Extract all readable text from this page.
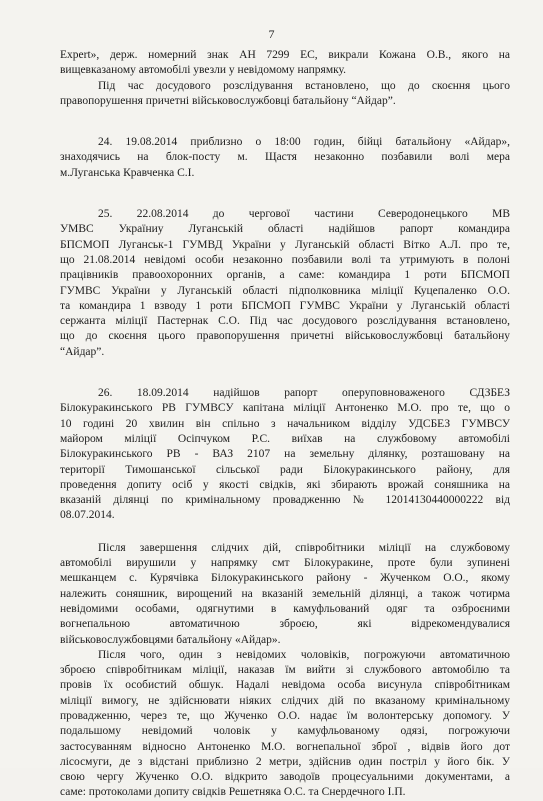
7

Expert», держ. номерний знак АН 7299 ЕС, викрали Кожана О.В., якого на
вищевказаному автомобілі увезли у невідомому напрямку.

Під час досудового розслідування встановлено, що до скоєння цього
правопорушення причетні військовослужбовці батальйону “Айдар”.

24. 19.08.2014 приблизно о 18:00 годин, бійці батальйону «Айдар»,
знаходячись на блок-посту м. Щастя незаконно позбавили волі мера
м.Луганська Кравченка С.І.

25. 22.08.2014 до чергової частини Северодонецького МВ
УМВС Україниу Луганській області надійшов рапорт командира
БПСМОП Луганськ-1 ГУМВД України у Луганській області Вітко А.Л. про те,
що 21.08.2014 невідомі особи незаконно позбавили волі та утримують в полоні
працівників правоохоронних органів, а саме: командира 1 роти БПСМОП
ГУМВС України у Луганській області підполковника міліції Куцепаленко О.О.
та командира 1 взводу 1 роти БПСМОП ГУМВС України у Луганській області
сержанта міліції Пастернак С.О. Під час досудового розслідування встановлено,
що до скоєння цього правопорушення причетні військовослужбовці батальйону
“Айдар”.

26. 18.09.2014 надійшов рапорт оперуповноваженого СДЗБЕЗ
Білокуракинського РВ ГУМВСУ капітана міліції Антоненко М.О. про те, що о
10 годині 20 хвилин він спільно з начальником відділу УДСБЕЗ ГУМВСУ
майором міліції Осіпчуком Р.С. виїхав на службовому автомобілі
Білокуракинського РВ - ВАЗ 2107 на земельну ділянку, розташовану на
території Тимошанської сільської ради Білокуракинського району, для
проведення допиту осіб у якості свідків, які збирають врожай соняшника на
вказаній ділянці по кримінальному провадженню № 12014130440000222 від
08.07.2014.

Після завершення слідчих дій, співробітники міліції на службовому
автомобілі вирушили у напрямку смт Білокуракине, проте були зупинені
мешканцем с. Курячівка Білокуракинського району - Жученком О.О., якому
належить соняшник, вирощений на вказаній земельній ділянці, а також чотирма
невідомими особами, одягнутими в камуфльований одяг та озброєними
вогнепальною автоматичною зброєю, які відрекомендувалися
військовослужбовцями батальйону «Айдар».

Після чого, один з невідомих чоловіків, погрожуючи автоматичною
зброєю співробітникам міліції, наказав їм вийти зі службового автомобілю та
провів їх особистий обшук. Надалі невідома особа висунула співробітникам
міліції вимогу, не здійснювати ніяких слідчих дій по вказаному кримінальному
провадженню, через те, що Жученко О.О. надає їм волонтерську допомогу. У
подальшому невідомий чоловік у камуфльованому одязі, погрожуючи
застосуванням відносно Антоненко М.О. вогнепальної зброї , відвів його дот
лісосмуги, де з відстані приблизно 2 метри, здійснив один постріл у його бік. У
свою чергу Жученко О.О. відкрито заводоїв процесуальними документами, а
саме: протоколами допиту свідків Решетняка О.С. та Снердечного І.П.
